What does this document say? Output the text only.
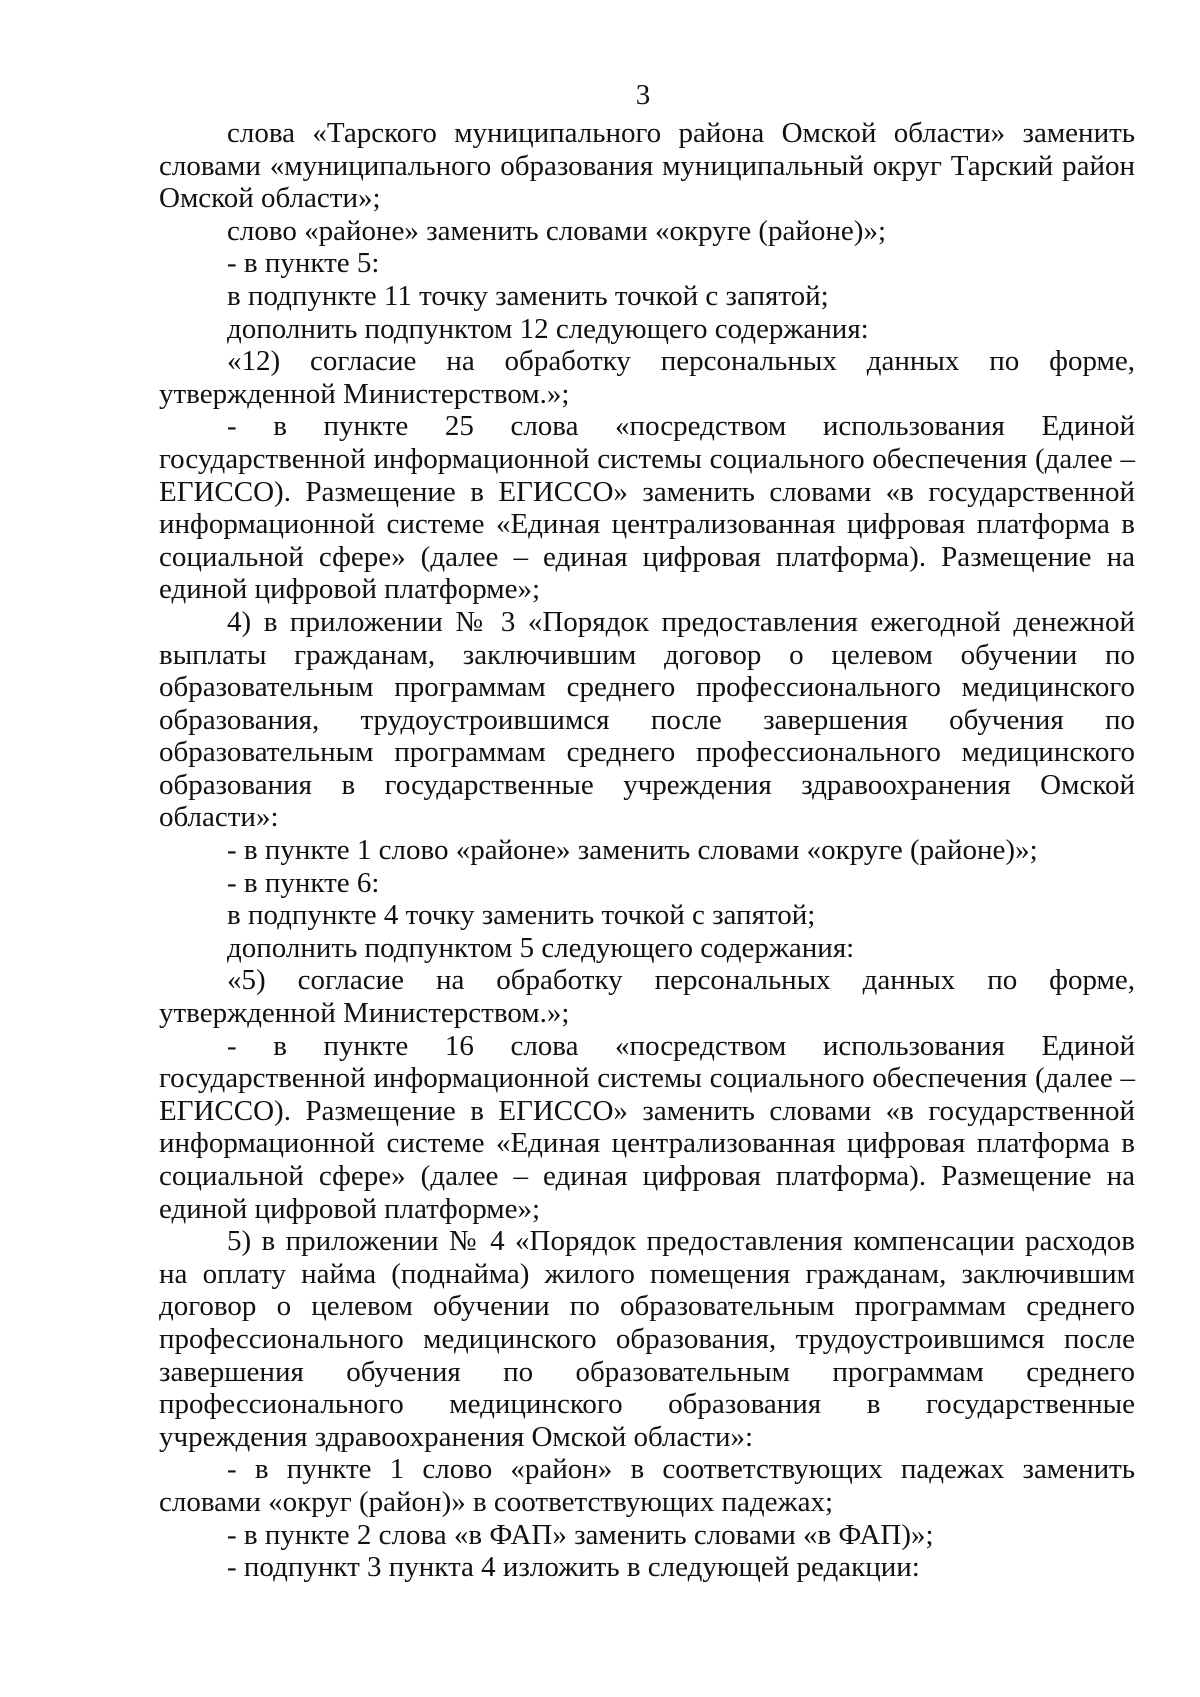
3

слова «Тарского муниципального района Омской области» заменить словами «муниципального образования муниципальный округ Тарский район Омской области»;

слово «районе» заменить словами «округе (районе)»;

- в пункте 5:

в подпункте 11 точку заменить точкой с запятой;

дополнить подпунктом 12 следующего содержания:

«12) согласие на обработку персональных данных по форме, утвержденной Министерством.»;

- в пункте 25 слова «посредством использования Единой государственной информационной системы социального обеспечения (далее – ЕГИССО). Размещение в ЕГИССО» заменить словами «в государственной информационной системе «Единая централизованная цифровая платформа в социальной сфере» (далее – единая цифровая платформа). Размещение на единой цифровой платформе»;

4) в приложении № 3 «Порядок предоставления ежегодной денежной выплаты гражданам, заключившим договор о целевом обучении по образовательным программам среднего профессионального медицинского образования, трудоустроившимся после завершения обучения по образовательным программам среднего профессионального медицинского образования в государственные учреждения здравоохранения Омской области»:

- в пункте 1 слово «районе» заменить словами «округе (районе)»;

- в пункте 6:

в подпункте 4 точку заменить точкой с запятой;

дополнить подпунктом 5 следующего содержания:

«5) согласие на обработку персональных данных по форме, утвержденной Министерством.»;

- в пункте 16 слова «посредством использования Единой государственной информационной системы социального обеспечения (далее – ЕГИССО). Размещение в ЕГИССО» заменить словами «в государственной информационной системе «Единая централизованная цифровая платформа в социальной сфере» (далее – единая цифровая платформа). Размещение на единой цифровой платформе»;

5) в приложении № 4 «Порядок предоставления компенсации расходов на оплату найма (поднайма) жилого помещения гражданам, заключившим договор о целевом обучении по образовательным программам среднего профессионального медицинского образования, трудоустроившимся после завершения обучения по образовательным программам среднего профессионального медицинского образования в государственные учреждения здравоохранения Омской области»:

- в пункте 1 слово «район» в соответствующих падежах заменить словами «округ (район)» в соответствующих падежах;

- в пункте 2 слова «в ФАП» заменить словами «в ФАП)»;

- подпункт 3 пункта 4 изложить в следующей редакции:
